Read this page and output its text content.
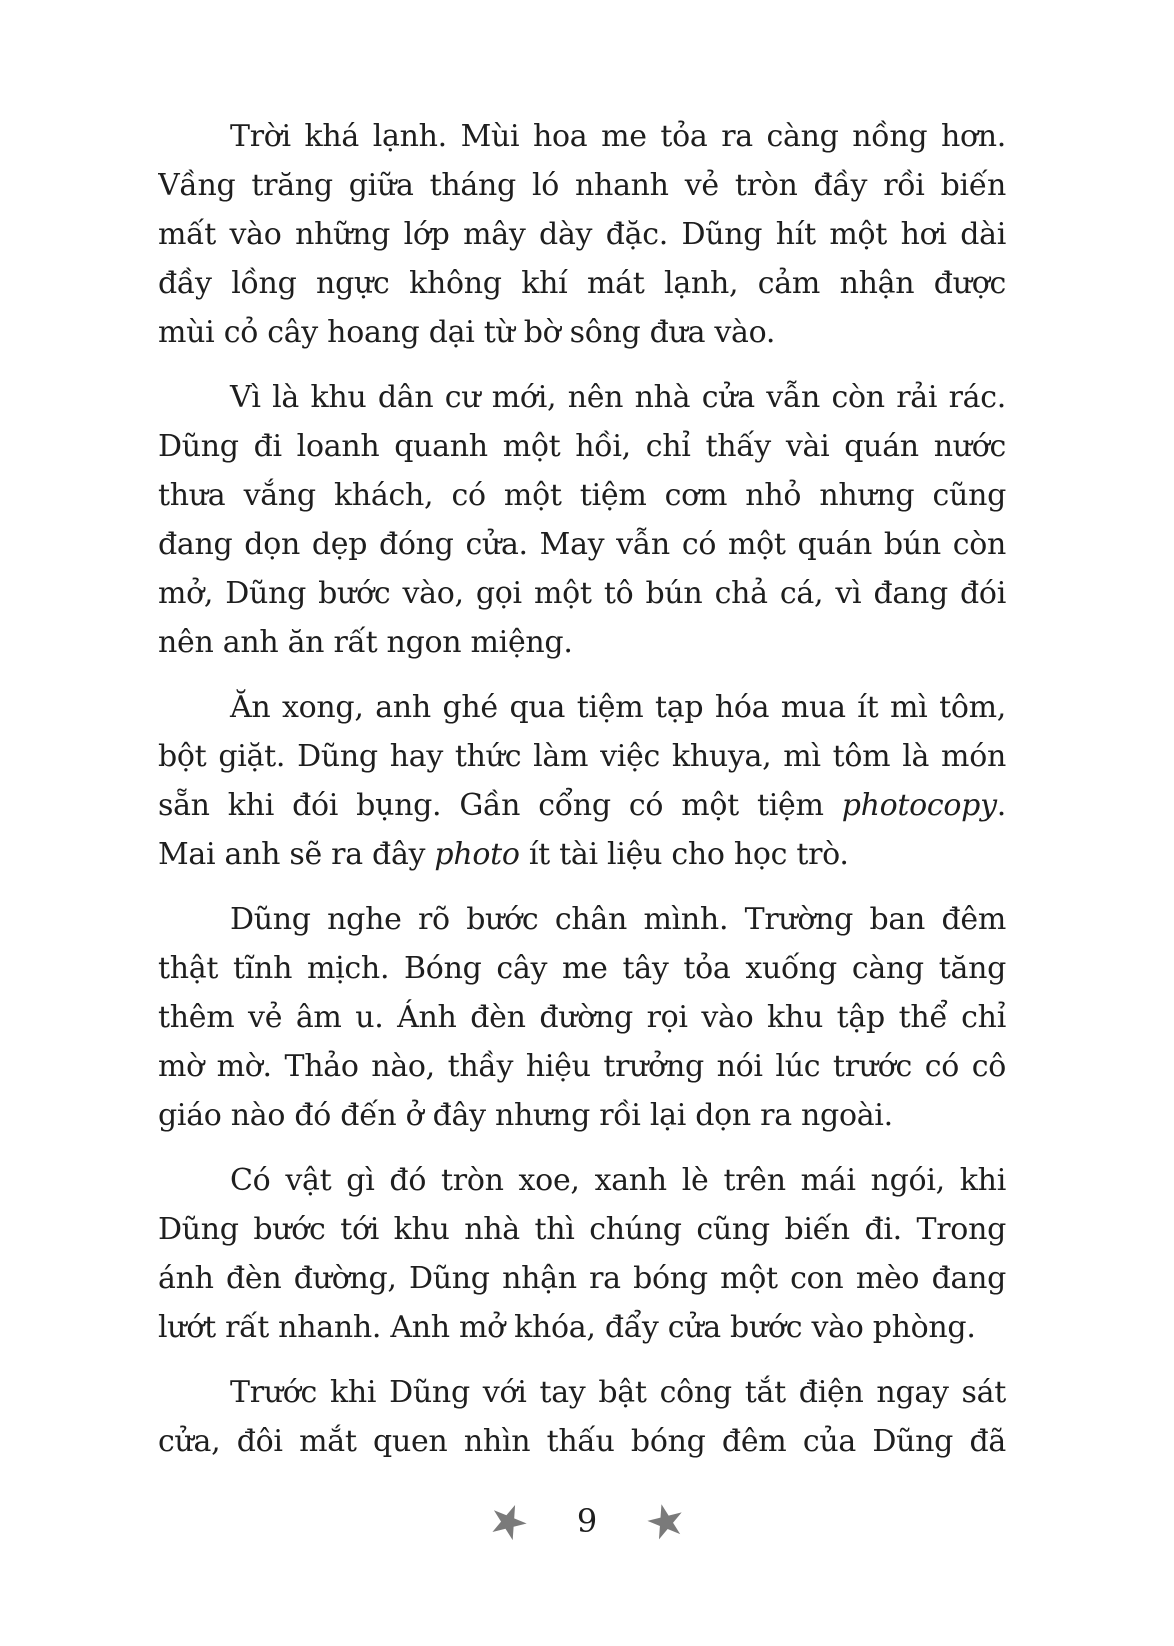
Trời khá lạnh. Mùi hoa me tỏa ra càng nồng hơn.
Vầng trăng giữa tháng ló nhanh vẻ tròn đầy rồi biến
mất vào những lớp mây dày đặc. Dũng hít một hơi dài
đầy lồng ngực không khí mát lạnh, cảm nhận được
mùi cỏ cây hoang dại từ bờ sông đưa vào.
Vì là khu dân cư mới, nên nhà cửa vẫn còn rải rác.
Dũng đi loanh quanh một hồi, chỉ thấy vài quán nước
thưa vắng khách, có một tiệm cơm nhỏ nhưng cũng
đang dọn dẹp đóng cửa. May vẫn có một quán bún còn
mở, Dũng bước vào, gọi một tô bún chả cá, vì đang đói
nên anh ăn rất ngon miệng.
Ăn xong, anh ghé qua tiệm tạp hóa mua ít mì tôm,
bột giặt. Dũng hay thức làm việc khuya, mì tôm là món
sẵn khi đói bụng. Gần cổng có một tiệm photocopy.
Mai anh sẽ ra đây photo ít tài liệu cho học trò.
Dũng nghe rõ bước chân mình. Trường ban đêm
thật tĩnh mịch. Bóng cây me tây tỏa xuống càng tăng
thêm vẻ âm u. Ánh đèn đường rọi vào khu tập thể chỉ
mờ mờ. Thảo nào, thầy hiệu trưởng nói lúc trước có cô
giáo nào đó đến ở đây nhưng rồi lại dọn ra ngoài.
Có vật gì đó tròn xoe, xanh lè trên mái ngói, khi
Dũng bước tới khu nhà thì chúng cũng biến đi. Trong
ánh đèn đường, Dũng nhận ra bóng một con mèo đang
lướt rất nhanh. Anh mở khóa, đẩy cửa bước vào phòng.
Trước khi Dũng với tay bật công tắt điện ngay sát
cửa, đôi mắt quen nhìn thấu bóng đêm của Dũng đã
★	9 ★
